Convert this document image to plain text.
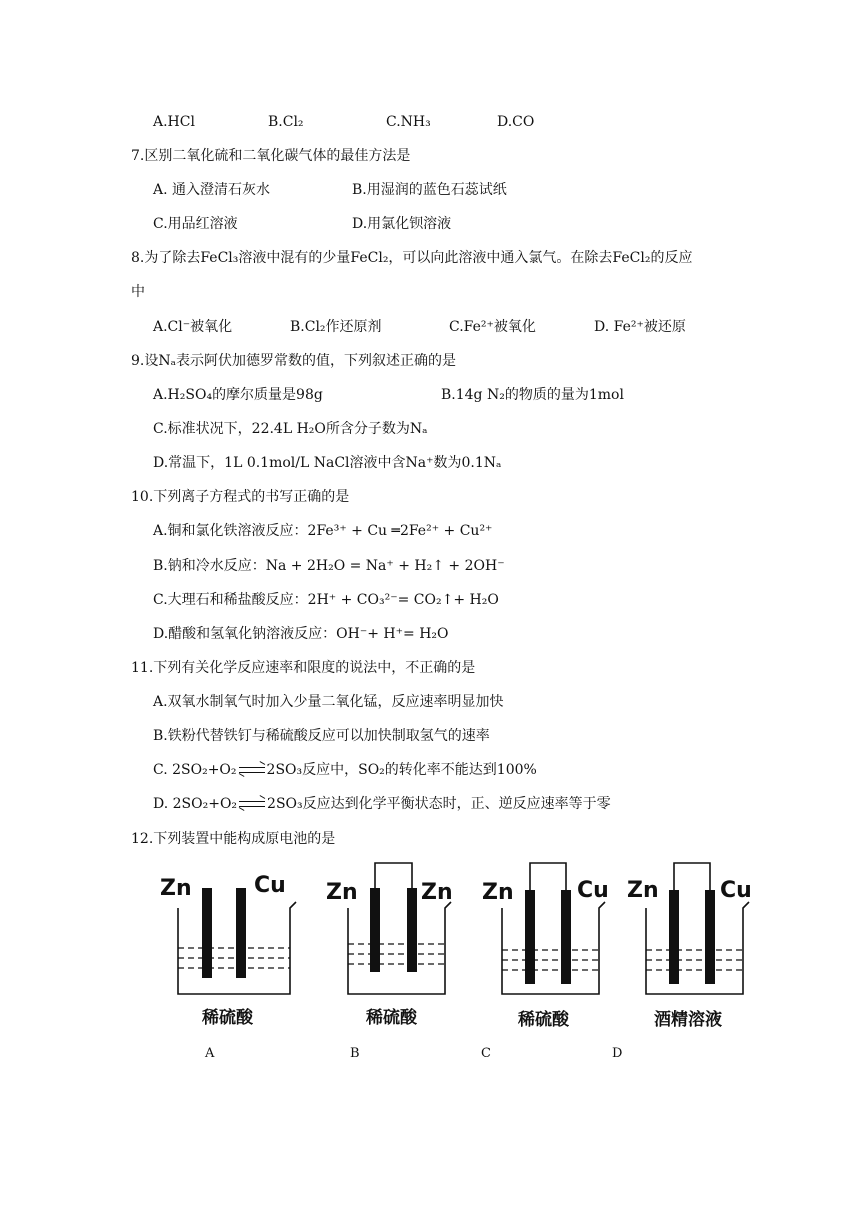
A.HCl	B.Cl₂	C.NH₃	D.CO
7.区别二氧化硫和二氧化碳气体的最佳方法是
A. 通入澄清石灰水	B.用湿润的蓝色石蕊试纸
C.用品红溶液	D.用氯化钡溶液
8.为了除去FeCl₃溶液中混有的少量FeCl₂，可以向此溶液中通入氯气。在除去FeCl₂的反应
中
A.Cl⁻被氧化	B.Cl₂作还原剂	C.Fe²⁺被氧化	D. Fe²⁺被还原
9.设Nₐ表示阿伏加德罗常数的值，下列叙述正确的是
A.H₂SO₄的摩尔质量是98g	B.14g N₂的物质的量为1mol
C.标准状况下，22.4L H₂O所含分子数为Nₐ
D.常温下，1L 0.1mol/L NaCl溶液中含Na⁺数为0.1Nₐ
10.下列离子方程式的书写正确的是
A.铜和氯化铁溶液反应：2Fe³⁺ + Cu ═2Fe²⁺ + Cu²⁺
B.钠和冷水反应：Na + 2H₂O = Na⁺ + H₂↑ + 2OH⁻
C.大理石和稀盐酸反应：2H⁺ + CO₃²⁻= CO₂↑+ H₂O
D.醋酸和氢氧化钠溶液反应：OH⁻+ H⁺= H₂O
11.下列有关化学反应速率和限度的说法中，不正确的是
A.双氧水制氧气时加入少量二氧化锰，反应速率明显加快
B.铁粉代替铁钉与稀硫酸反应可以加快制取氢气的速率
C. 2SO₂+O₂ 2SO₃反应中，SO₂的转化率不能达到100%
D. 2SO₂+O₂ 2SO₃反应达到化学平衡状态时，正、逆反应速率等于零
12.下列装置中能构成原电池的是
Zn	Cu
稀硫酸
A
Zn	Zn
稀硫酸
B
Zn	Cu
稀硫酸
C
Zn	Cu
酒精溶液
D
